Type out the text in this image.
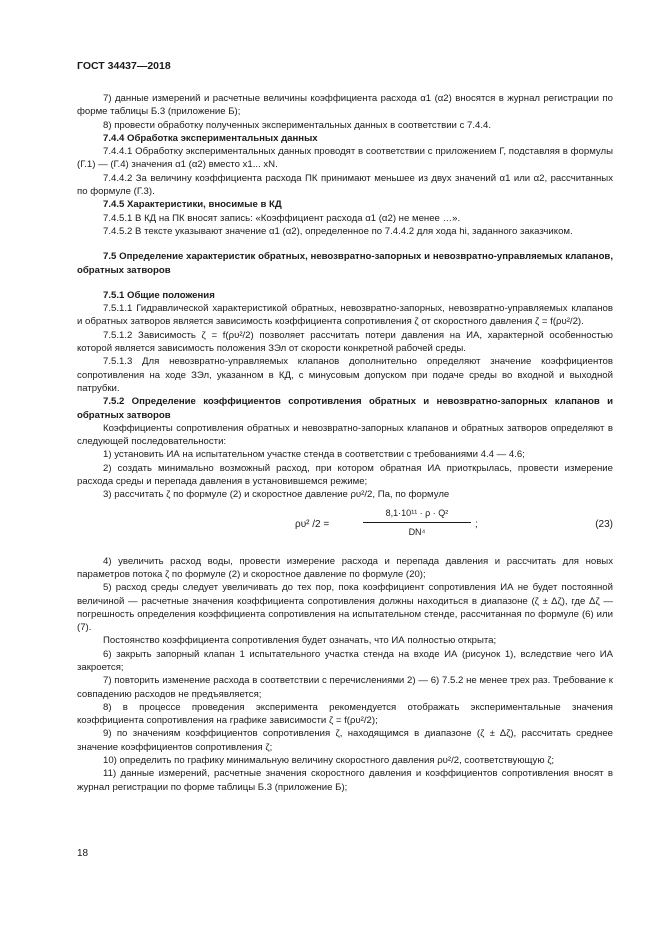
ГОСТ 34437—2018

7) данные измерений и расчетные величины коэффициента расхода α1 (α2) вносятся в журнал регистрации по форме таблицы Б.3 (приложение Б);

8) провести обработку полученных экспериментальных данных в соответствии с 7.4.4.

7.4.4 Обработка экспериментальных данных

7.4.4.1 Обработку экспериментальных данных проводят в соответствии с приложением Г, подставляя в формулы (Г.1) — (Г.4) значения α1 (α2) вместо x1... xN.

7.4.4.2 За величину коэффициента расхода ПК принимают меньшее из двух значений α1 или α2, рассчитанных по формуле (Г.3).

7.4.5 Характеристики, вносимые в КД

7.4.5.1 В КД на ПК вносят запись: «Коэффициент расхода α1 (α2) не менее …».

7.4.5.2 В тексте указывают значение α1 (α2), определенное по 7.4.4.2 для хода hi, заданного заказчиком.

7.5 Определение характеристик обратных, невозвратно-запорных и невозвратно-управляемых клапанов, обратных затворов

7.5.1 Общие положения

7.5.1.1 Гидравлической характеристикой обратных, невозвратно-запорных, невозвратно-управляемых клапанов и обратных затворов является зависимость коэффициента сопротивления ζ от скоростного давления ζ = f(ρυ²/2).

7.5.1.2 Зависимость ζ = f(ρυ²/2) позволяет рассчитать потери давления на ИА, характерной особенностью которой является зависимость положения ЗЭл от скорости конкретной рабочей среды.

7.5.1.3 Для невозвратно-управляемых клапанов дополнительно определяют значение коэффициентов сопротивления на ходе ЗЭл, указанном в КД, с минусовым допуском при подаче среды во входной и выходной патрубки.

7.5.2 Определение коэффициентов сопротивления обратных и невозвратно-запорных клапанов и обратных затворов

Коэффициенты сопротивления обратных и невозвратно-запорных клапанов и обратных затворов определяют в следующей последовательности:

1) установить ИА на испытательном участке стенда в соответствии с требованиями 4.4 — 4.6;

2) создать минимально возможный расход, при котором обратная ИА приоткрылась, провести измерение расхода среды и перепада давления в установившемся режиме;

3) рассчитать ζ по формуле (2) и скоростное давление ρυ²/2, Па, по формуле

ρυ² /2 =	$\frac{\text{8,1·10¹¹ · ρ · Q²}}{\text{DN⁴}}$ ;	(23)

4) увеличить расход воды, провести измерение расхода и перепада давления и рассчитать для новых параметров потока ζ по формуле (2) и скоростное давление по формуле (20);

5) расход среды следует увеличивать до тех пор, пока коэффициент сопротивления ИА не будет постоянной величиной — расчетные значения коэффициента сопротивления должны находиться в диапазоне (ζ ± Δζ), где Δζ — погрешность определения коэффициента сопротивления на испытательном стенде, рассчитанная по формуле (6) или (7).

Постоянство коэффициента сопротивления будет означать, что ИА полностью открыта;

6) закрыть запорный клапан 1 испытательного участка стенда на входе ИА (рисунок 1), вследствие чего ИА закроется;

7) повторить изменение расхода в соответствии с перечислениями 2) — 6) 7.5.2 не менее трех раз. Требование к совпадению расходов не предъявляется;

8) в процессе проведения эксперимента рекомендуется отображать экспериментальные значения коэффициента сопротивления на графике зависимости ζ = f(ρυ²/2);

9) по значениям коэффициентов сопротивления ζ, находящимся в диапазоне (ζ ± Δζ), рассчитать среднее значение коэффициентов сопротивления ζ;

10) определить по графику минимальную величину скоростного давления ρυ²/2, соответствующую ζ;

11) данные измерений, расчетные значения скоростного давления и коэффициентов сопротивления вносят в журнал регистрации по форме таблицы Б.3 (приложение Б);

18
